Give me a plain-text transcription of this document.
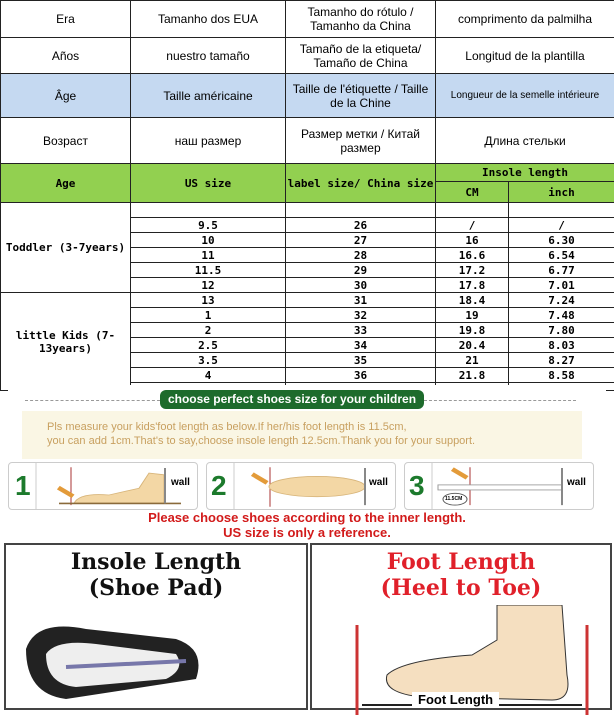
Era	Tamanho dos EUA	Tamanho do rótulo / Tamanho da China	comprimento da palmilha	
Años	nuestro tamaño	Tamaño de la etiqueta/ Tamaño de China	Longitud de la plantilla	
Âge	Taille américaine	Taille de l'étiquette / Taille de la Chine	Longueur de la semelle intérieure	
Возраст	наш размер	Размер метки / Китай размер	Длина стельки	
Age	US size	label size/ China size	Insole length	
			CM	inch
Toddler (3-7years)				
	9.5	26	/	/
	10	27	16	6.30
	11	28	16.6	6.54
	11.5	29	17.2	6.77
	12	30	17.8	7.01
little Kids (7-13years)	13	31	18.4	7.24
	1	32	19	7.48
	2	33	19.8	7.80
	2.5	34	20.4	8.03
	3.5	35	21	8.27
	4	36	21.8	8.58

Pls measure your kids'foot length as below.If her/his foot length is 11.5cm,
you can add 1cm.That's to say,choose insole length 12.5cm.Thank you for your support.
choose perfect shoes size for your children
1	wall 2	wall 3	11.5CM
wall
Please choose shoes according to the inner length.
US size is only a reference.
Insole Length
(Shoe Pad)
Foot Length
(Heel to Toe)
Foot Length
